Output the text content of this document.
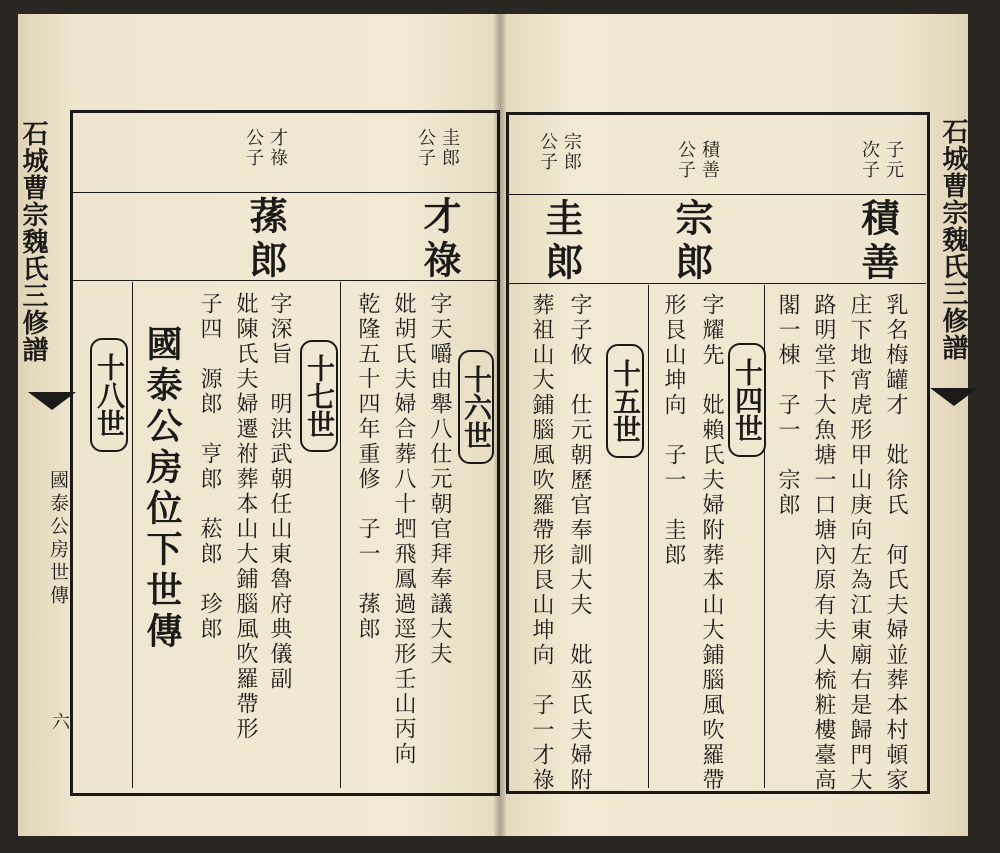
石城曹宗魏氏三修譜
國泰公房世傳
六
圭郎
公子
才祿
公子
才祿
蓀郎
十六世
字天嚼由舉八仕元朝官拜奉議大夫
妣胡氏夫婦合葬八十垇飛鳳過逕形壬山丙向
乾隆五十四年重修　子一　蓀郎
十七世
字深旨　明洪武朝任山東魯府典儀副
妣陳氏夫婦遷祔葬本山大鋪腦風吹羅帶形
子四　源郎　亨郎　菘郎　珍郎
國泰公房位下世傳
十八世
石城曹宗魏氏三修譜
子元
次子
積善
公子
宗郎
公子
積善
宗郎
圭郎
十四世	乳名梅罐才　妣徐氏　何氏夫婦並葬本村頓家
庄下地宵虎形甲山庚向左為江東廟右是歸門大
路明堂下大魚塘一口塘內原有夫人梳粧樓臺高
閣一棟　子一　宗郎
十五世	字耀先　妣賴氏夫婦附葬本山大鋪腦風吹羅帶
形艮山坤向　子一　圭郎
字子攸　仕元朝歷官奉訓大夫　妣巫氏夫婦附
葬祖山大鋪腦風吹羅帶形艮山坤向　子一才祿
